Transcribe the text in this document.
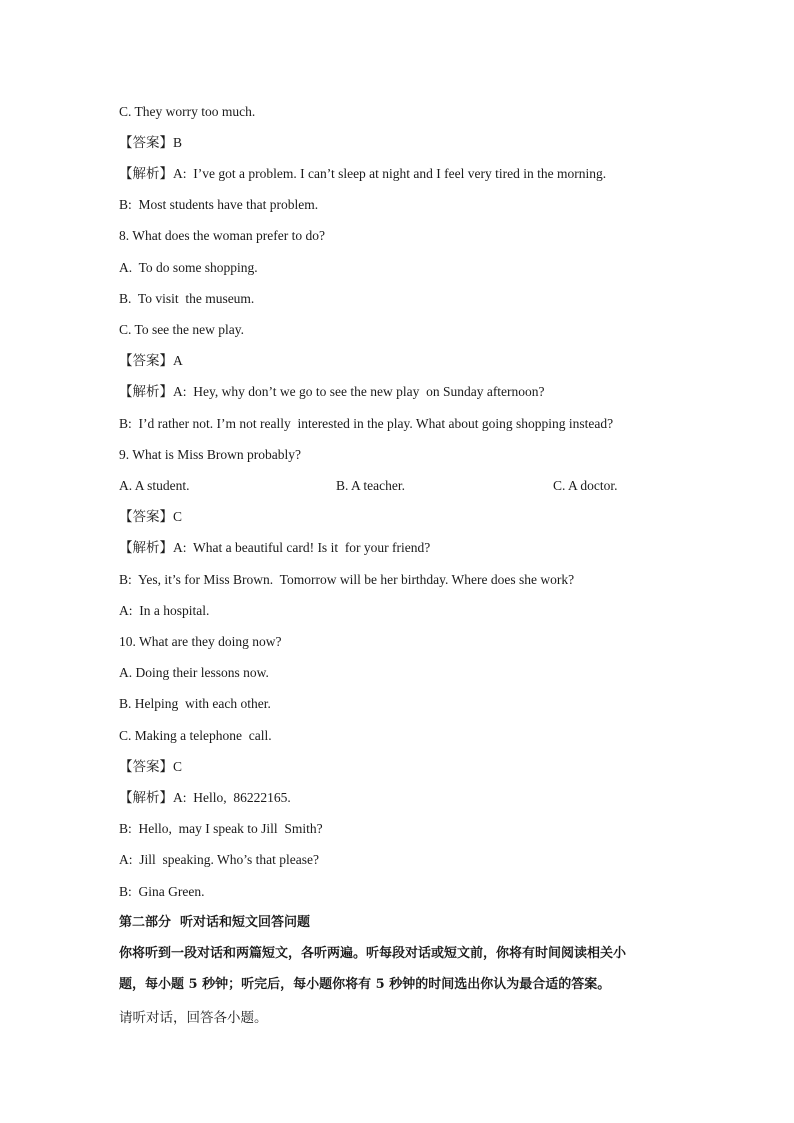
C. They worry too much.
【答案】B
【解析】A:  I’ve got a problem. I can’t sleep at night and I feel very tired in the morning.
B:  Most students have that problem.
8. What does the woman prefer to do?
A.  To do some shopping.
B.  To visit  the museum.
C. To see the new play.
【答案】A
【解析】A:  Hey, why don’t we go to see the new play  on Sunday afternoon?
B:  I’d rather not. I’m not really  interested in the play. What about going shopping instead?
9. What is Miss Brown probably?
A. A student.	B. A teacher.	C. A doctor.
【答案】C
【解析】A:  What a beautiful card! Is it  for your friend?
B:  Yes, it’s for Miss Brown.  Tomorrow will be her birthday. Where does she work?
A:  In a hospital.
10. What are they doing now?
A. Doing their lessons now.
B. Helping  with each other.
C. Making a telephone  call.
【答案】C
【解析】A:  Hello,  86222165.
B:  Hello,  may I speak to Jill  Smith?
A:  Jill  speaking. Who’s that please?
B:  Gina Green.
第二部分  听对话和短文回答问题
你将听到一段对话和两篇短文，各听两遍。听每段对话或短文前，你将有时间阅读相关小
题，每小题 5 秒钟；听完后，每小题你将有 5 秒钟的时间选出你认为最合适的答案。
请听对话，回答各小题。
